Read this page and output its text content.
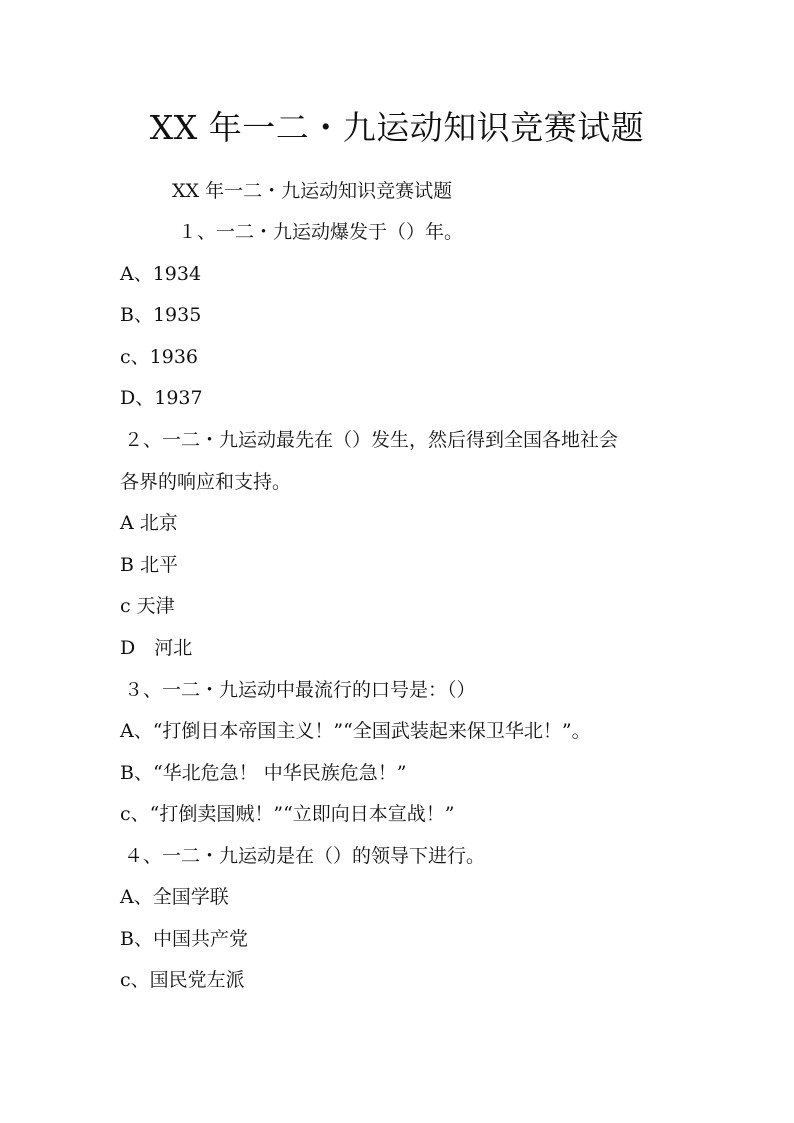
XX 年一二・九运动知识竞赛试题
XX 年一二・九运动知识竞赛试题
１、一二・九运动爆发于（）年。
A、1934
B、1935
c、1936
D、1937
２、一二・九运动最先在（）发生，然后得到全国各地社会
各界的响应和支持。
A 北京
B 北平
c 天津
D　河北
３、一二・九运动中最流行的口号是：（）
A、“打倒日本帝国主义！”“全国武装起来保卫华北！”。
B、“华北危急！ 中华民族危急！”
c、“打倒卖国贼！”“立即向日本宣战！”
４、一二・九运动是在（）的领导下进行。
A、全国学联
B、中国共产党
c、国民党左派
